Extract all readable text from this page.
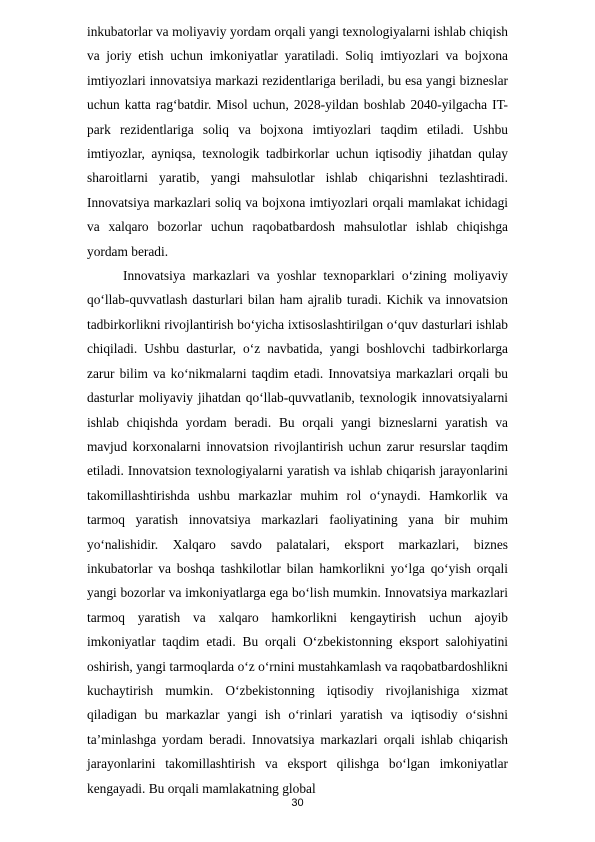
inkubatorlar va moliyaviy yordam orqali yangi texnologiyalarni ishlab chiqish va joriy etish uchun imkoniyatlar yaratiladi. Soliq imtiyozlari va bojxona imtiyozlari innovatsiya markazi rezidentlariga beriladi, bu esa yangi bizneslar uchun katta rag‘batdir. Misol uchun, 2028-yildan boshlab 2040-yilgacha IT-park rezidentlariga soliq va bojxona imtiyozlari taqdim etiladi. Ushbu imtiyozlar, ayniqsa, texnologik tadbirkorlar uchun iqtisodiy jihatdan qulay sharoitlarni yaratib, yangi mahsulotlar ishlab chiqarishni tezlashtiradi. Innovatsiya markazlari soliq va bojxona imtiyozlari orqali mamlakat ichidagi va xalqaro bozorlar uchun raqobatbardosh mahsulotlar ishlab chiqishga yordam beradi.

Innovatsiya markazlari va yoshlar texnoparklari o‘zining moliyaviy qo‘llab-quvvatlash dasturlari bilan ham ajralib turadi. Kichik va innovatsion tadbirkorlikni rivojlantirish bo‘yicha ixtisoslashtirilgan o‘quv dasturlari ishlab chiqiladi. Ushbu dasturlar, o‘z navbatida, yangi boshlovchi tadbirkorlarga zarur bilim va ko‘nikmalarni taqdim etadi. Innovatsiya markazlari orqali bu dasturlar moliyaviy jihatdan qo‘llab-quvvatlanib, texnologik innovatsiyalarni ishlab chiqishda yordam beradi. Bu orqali yangi bizneslarni yaratish va mavjud korxonalarni innovatsion rivojlantirish uchun zarur resurslar taqdim etiladi. Innovatsion texnologiyalarni yaratish va ishlab chiqarish jarayonlarini takomillashtirishda ushbu markazlar muhim rol o‘ynaydi. Hamkorlik va tarmoq yaratish innovatsiya markazlari faoliyatining yana bir muhim yo‘nalishidir. Xalqaro savdo palatalari, eksport markazlari, biznes inkubatorlar va boshqa tashkilotlar bilan hamkorlikni yo‘lga qo‘yish orqali yangi bozorlar va imkoniyatlarga ega bo‘lish mumkin. Innovatsiya markazlari tarmoq yaratish va xalqaro hamkorlikni kengaytirish uchun ajoyib imkoniyatlar taqdim etadi. Bu orqali O‘zbekistonning eksport salohiyatini oshirish, yangi tarmoqlarda o‘z o‘rnini mustahkamlash va raqobatbardoshlikni kuchaytirish mumkin. O‘zbekistonning iqtisodiy rivojlanishiga xizmat qiladigan bu markazlar yangi ish o‘rinlari yaratish va iqtisodiy o‘sishni ta’minlashga yordam beradi. Innovatsiya markazlari orqali ishlab chiqarish jarayonlarini takomillashtirish va eksport qilishga bo‘lgan imkoniyatlar kengayadi. Bu orqali mamlakatning global

30
